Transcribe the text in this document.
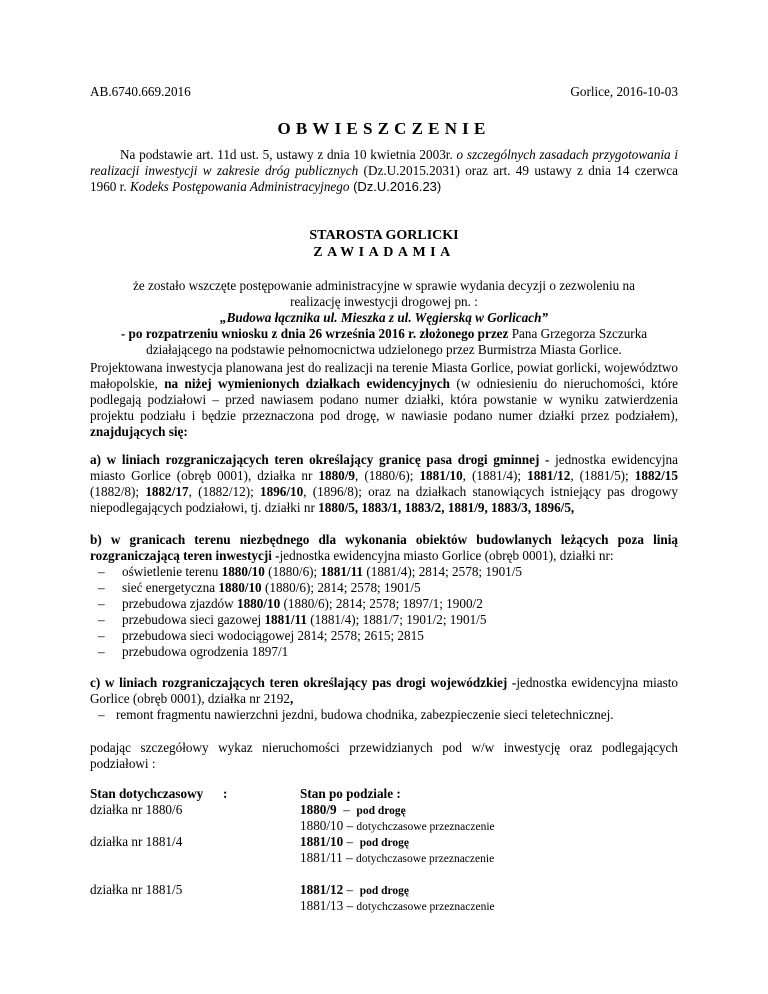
AB.6740.669.2016	Gorlice, 2016-10-03
OBWIESZCZENIE
Na podstawie art. 11d ust. 5, ustawy z dnia 10 kwietnia 2003r. o szczególnych zasadach przygotowania i realizacji inwestycji w zakresie dróg publicznych (Dz.U.2015.2031) oraz art. 49 ustawy z dnia 14 czerwca 1960 r. Kodeks Postępowania Administracyjnego (Dz.U.2016.23)
STAROSTA GORLICKI
ZAWIADAMIA
że zostało wszczęte postępowanie administracyjne w sprawie wydania decyzji o zezwoleniu na
realizację inwestycji drogowej pn. :
„Budowa łącznika ul. Mieszka z ul. Węgierską w Gorlicach”
- po rozpatrzeniu wniosku z dnia 26 września 2016 r. złożonego przez Pana Grzegorza Szczurka
działającego na podstawie pełnomocnictwa udzielonego przez Burmistrza Miasta Gorlice.
Projektowana inwestycja planowana jest do realizacji na terenie Miasta Gorlice, powiat gorlicki, województwo małopolskie, na niżej wymienionych działkach ewidencyjnych (w odniesieniu do nieruchomości, które podlegają podziałowi – przed nawiasem podano numer działki, która powstanie w wyniku zatwierdzenia projektu podziału i będzie przeznaczona pod drogę, w nawiasie podano numer działki przez podziałem), znajdujących się:
a) w liniach rozgraniczających teren określający granicę pasa drogi gminnej - jednostka ewidencyjna miasto Gorlice (obręb 0001), działka nr 1880/9, (1880/6); 1881/10, (1881/4); 1881/12, (1881/5); 1882/15 (1882/8); 1882/17, (1882/12); 1896/10, (1896/8); oraz na działkach stanowiących istniejący pas drogowy niepodlegających podziałowi, tj. działki nr 1880/5, 1883/1, 1883/2, 1881/9, 1883/3, 1896/5,
b) w granicach terenu niezbędnego dla wykonania obiektów budowlanych leżących poza linią rozgraniczającą teren inwestycji -jednostka ewidencyjna miasto Gorlice (obręb 0001), działki nr:
– oświetlenie terenu 1880/10 (1880/6); 1881/11 (1881/4); 2814; 2578; 1901/5
– sieć energetyczna 1880/10 (1880/6); 2814; 2578; 1901/5
– przebudowa zjazdów 1880/10 (1880/6); 2814; 2578; 1897/1; 1900/2
– przebudowa sieci gazowej 1881/11 (1881/4); 1881/7; 1901/2; 1901/5
– przebudowa sieci wodociągowej 2814; 2578; 2615; 2815
– przebudowa ogrodzenia 1897/1
c) w liniach rozgraniczających teren określający pas drogi wojewódzkiej -jednostka ewidencyjna miasto Gorlice (obręb 0001), działka nr 2192,
– remont fragmentu nawierzchni jezdni, budowa chodnika, zabezpieczenie sieci teletechnicznej.
podając szczegółowy wykaz nieruchomości przewidzianych pod w/w inwestycję oraz podlegających podziałowi :
Stan dotychczasowy :	Stan po podziale :
działka nr 1880/6	1880/9  –  pod drogę
1880/10 – dotychczasowe przeznaczenie
działka nr 1881/4	1881/10 –  pod drogę
1881/11 – dotychczasowe przeznaczenie
działka nr 1881/5	1881/12 –  pod drogę
1881/13 – dotychczasowe przeznaczenie
